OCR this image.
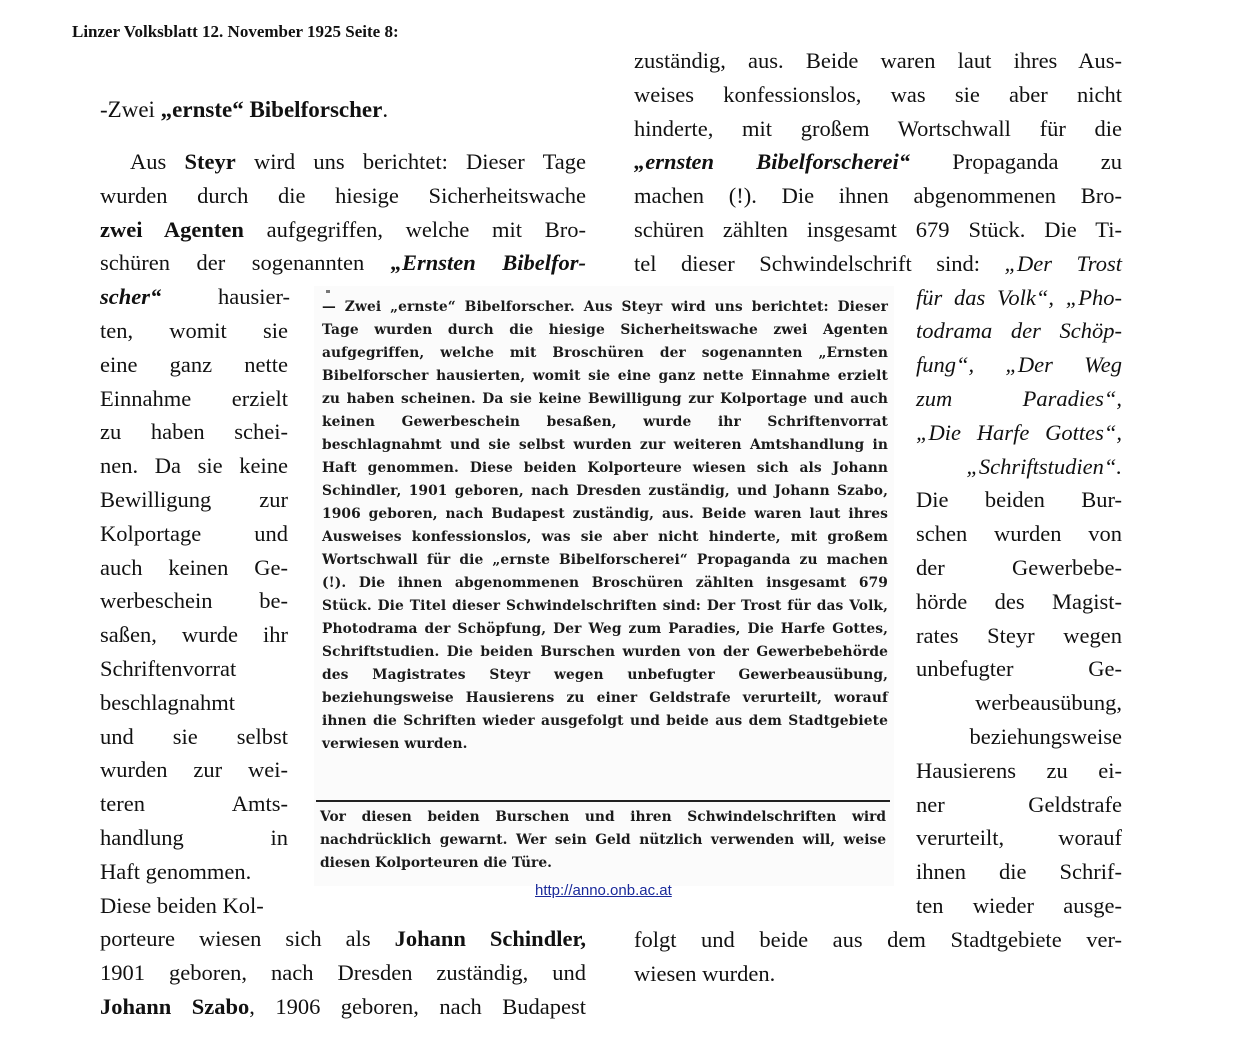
Linzer Volksblatt 12. November 1925 Seite 8:
-Zwei „ernste“ Bibelforscher.
Aus Steyr wird uns berichtet: Dieser Tage
wurden durch die hiesige Sicherheitswache
zwei Agenten aufgegriffen, welche mit Bro-
schüren der sogenannten „Ernsten Bibelfor-
scher“ hausier-
ten, womit sie
eine ganz nette
Einnahme erzielt
zu haben schei-
nen. Da sie keine
Bewilligung zur
Kolportage und
auch keinen Ge-
werbeschein be-
saßen, wurde ihr
Schriftenvorrat
beschlagnahmt
und sie selbst
wurden zur wei-
teren Amts-
handlung in
Haft genommen.
Diese beiden Kol-
porteure wiesen sich als Johann Schindler,
1901 geboren, nach Dresden zuständig, und
Johann Szabo, 1906 geboren, nach Budapest
zuständig, aus. Beide waren laut ihres Aus-
weises konfessionslos, was sie aber nicht
hinderte, mit großem Wortschwall für die
„ernsten Bibelforscherei“ Propaganda zu
machen (!). Die ihnen abgenommenen Bro-
schüren zählten insgesamt 679 Stück. Die Ti-
tel dieser Schwindelschrift sind: „Der Trost
für das Volk“, „Pho-
todrama der Schöp-
fung“, „Der Weg
zum Paradies“,
„Die Harfe Gottes“,
„Schriftstudien“.
Die beiden Bur-
schen wurden von
der Gewerbebe-
hörde des Magist-
rates Steyr wegen
unbefugter Ge-
werbeausübung,
beziehungsweise
Hausierens zu ei-
ner Geldstrafe
verurteilt, worauf
ihnen die Schrif-
ten wieder ausge-
folgt und beide aus dem Stadtgebiete ver-
wiesen wurden.

— Zwei „ernste“ Bibelforscher. Aus Steyr wird uns berichtet: Dieser Tage wurden durch die hiesige Sicherheitswache zwei Agenten aufgegriffen, welche mit Broschüren der sogenannten „Ernsten Bibelforscher hausierten, womit sie eine ganz nette Einnahme erzielt zu haben scheinen. Da sie keine Bewilligung zur Kolportage und auch keinen Gewerbeschein besaßen, wurde ihr Schriftenvorrat beschlagnahmt und sie selbst wurden zur weiteren Amtshandlung in Haft genommen. Diese beiden Kolporteure wiesen sich als Johann Schindler, 1901 geboren, nach Dresden zuständig, und Johann Szabo, 1906 geboren, nach Budapest zuständig, aus. Beide waren laut ihres Ausweises konfessionslos, was sie aber nicht hinderte, mit großem Wortschwall für die „ernste Bibelforscherei“ Propaganda zu machen (!). Die ihnen abgenommenen Broschüren zählten insgesamt 679 Stück. Die Titel dieser Schwindelschriften sind: Der Trost für das Volk, Photodrama der Schöpfung, Der Weg zum Paradies, Die Harfe Gottes, Schriftstudien. Die beiden Burschen wurden von der Gewerbebehörde des Magistrates Steyr wegen unbefugter Gewerbeausübung, beziehungsweise Hausierens zu einer Geldstrafe verurteilt, worauf ihnen die Schriften wieder ausgefolgt und beide aus dem Stadtgebiete verwiesen wurden.

Vor diesen beiden Burschen und ihren Schwindelschriften wird nachdrücklich gewarnt. Wer sein Geld nützlich verwenden will, weise diesen Kolporteuren die Türe.
http://anno.onb.ac.at
